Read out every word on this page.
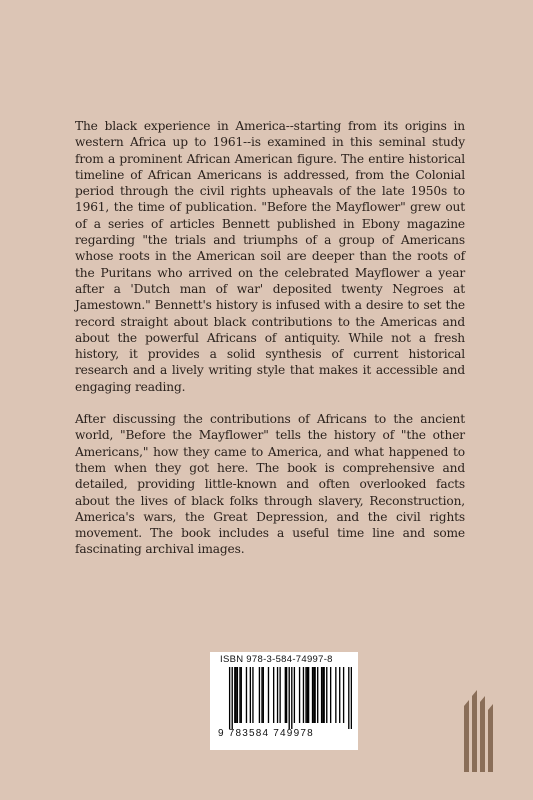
The black experience in America--starting from its origins in western Africa up to 1961--is examined in this seminal study from a prominent African American figure. The entire historical timeline of African Americans is addressed, from the Colonial period through the civil rights upheavals of the late 1950s to 1961, the time of publication. "Before the Mayflower" grew out of a series of articles Bennett published in Ebony magazine regarding "the trials and triumphs of a group of Americans whose roots in the American soil are deeper than the roots of the Puritans who arrived on the celebrated Mayflower a year after a 'Dutch man of war' deposited twenty Negroes at Jamestown." Bennett's history is infused with a desire to set the record straight about black contributions to the Americas and about the powerful Africans of antiquity. While not a fresh history, it provides a solid synthesis of current historical research and a lively writing style that makes it accessible and engaging reading.

After discussing the contributions of Africans to the ancient world, "Before the Mayflower" tells the history of "the other Americans," how they came to America, and what happened to them when they got here. The book is comprehensive and detailed, providing little-known and often overlooked facts about the lives of black folks through slavery, Reconstruction, America's wars, the Great Depression, and the civil rights movement. The book includes a useful time line and some fascinating archival images.

ISBN 978-3-584-74997-8
9 783584 749978
